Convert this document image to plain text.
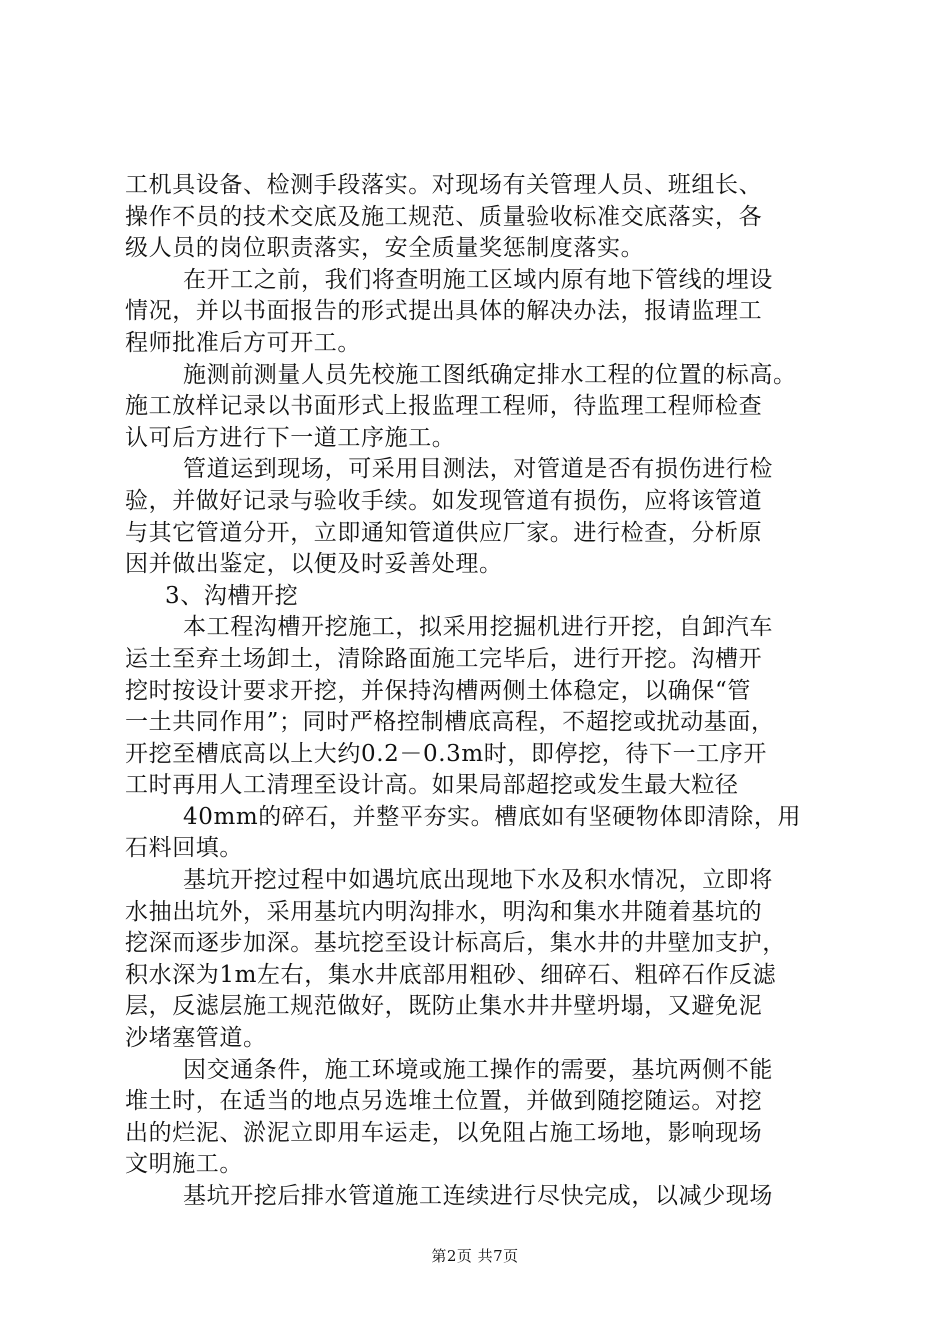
工机具设备、检测手段落实。对现场有关管理人员、班组长、
操作不员的技术交底及施工规范、质量验收标准交底落实，各
级人员的岗位职责落实，安全质量奖惩制度落实。
在开工之前，我们将查明施工区域内原有地下管线的埋设
情况，并以书面报告的形式提出具体的解决办法，报请监理工
程师批准后方可开工。
施测前测量人员先校施工图纸确定排水工程的位置的标高。
施工放样记录以书面形式上报监理工程师，待监理工程师检查
认可后方进行下一道工序施工。
管道运到现场，可采用目测法，对管道是否有损伤进行检
验，并做好记录与验收手续。如发现管道有损伤，应将该管道
与其它管道分开，立即通知管道供应厂家。进行检查，分析原
因并做出鉴定，以便及时妥善处理。
3、沟槽开挖
本工程沟槽开挖施工，拟采用挖掘机进行开挖，自卸汽车
运土至弃土场卸土，清除路面施工完毕后，进行开挖。沟槽开
挖时按设计要求开挖，并保持沟槽两侧土体稳定，以确保“管
一土共同作用”；同时严格控制槽底高程，不超挖或扰动基面，
开挖至槽底高以上大约0.2－0.3m时，即停挖，待下一工序开
工时再用人工清理至设计高。如果局部超挖或发生最大粒径
40mm的碎石，并整平夯实。槽底如有坚硬物体即清除，用
石料回填。
基坑开挖过程中如遇坑底出现地下水及积水情况，立即将
水抽出坑外，采用基坑内明沟排水，明沟和集水井随着基坑的
挖深而逐步加深。基坑挖至设计标高后，集水井的井壁加支护，
积水深为1m左右，集水井底部用粗砂、细碎石、粗碎石作反滤
层，反滤层施工规范做好，既防止集水井井壁坍塌，又避免泥
沙堵塞管道。
因交通条件，施工环境或施工操作的需要，基坑两侧不能
堆土时，在适当的地点另选堆土位置，并做到随挖随运。对挖
出的烂泥、淤泥立即用车运走，以免阻占施工场地，影响现场
文明施工。
基坑开挖后排水管道施工连续进行尽快完成，以减少现场
第2页 共7页
